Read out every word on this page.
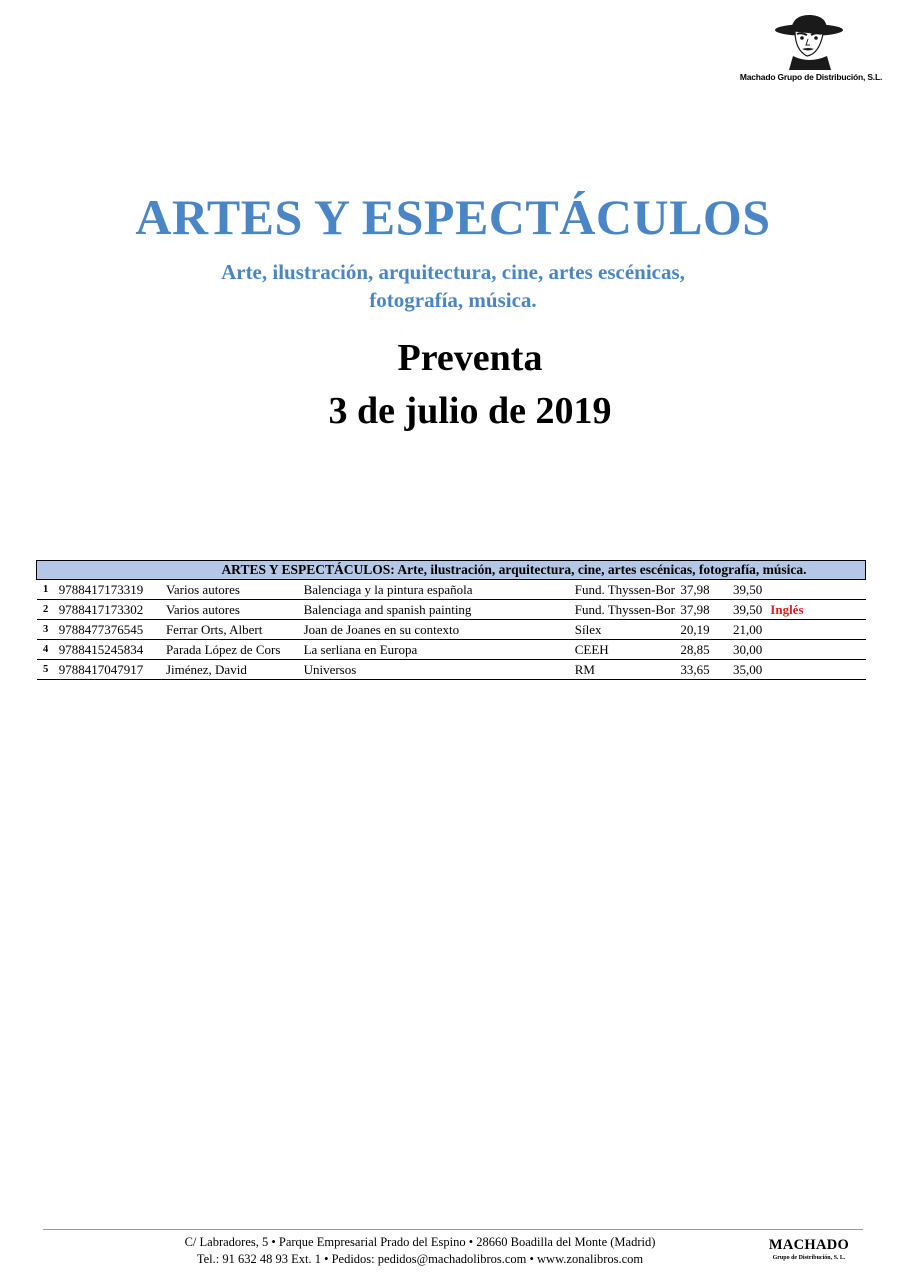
Machado Grupo de Distribución, S.L.
ARTES Y ESPECTÁCULOS
Arte, ilustración, arquitectura, cine, artes escénicas,
fotografía, música.
Preventa
3 de julio de 2019
ARTES Y ESPECTÁCULOS: Arte, ilustración, arquitectura, cine, artes escénicas, fotografía, música.							
1	9788417173319	Varios autores	Balenciaga y la pintura española	Fund. Thyssen-Bor	37,98	39,50	
2	9788417173302	Varios autores	Balenciaga and spanish painting	Fund. Thyssen-Bor	37,98	39,50	Inglés
3	9788477376545	Ferrar Orts, Albert	Joan de Joanes en su contexto	Sílex	20,19	21,00	
4	9788415245834	Parada López de Cors	La serliana en Europa	CEEH	28,85	30,00	
5	9788417047917	Jiménez, David	Universos	RM	33,65	35,00	
C/ Labradores, 5 • Parque Empresarial Prado del Espino • 28660 Boadilla del Monte (Madrid)
Tel.: 91 632 48 93 Ext. 1 • Pedidos: pedidos@machadolibros.com • www.zonalibros.com
MACHADO
Grupo de Distribución, S. L.
